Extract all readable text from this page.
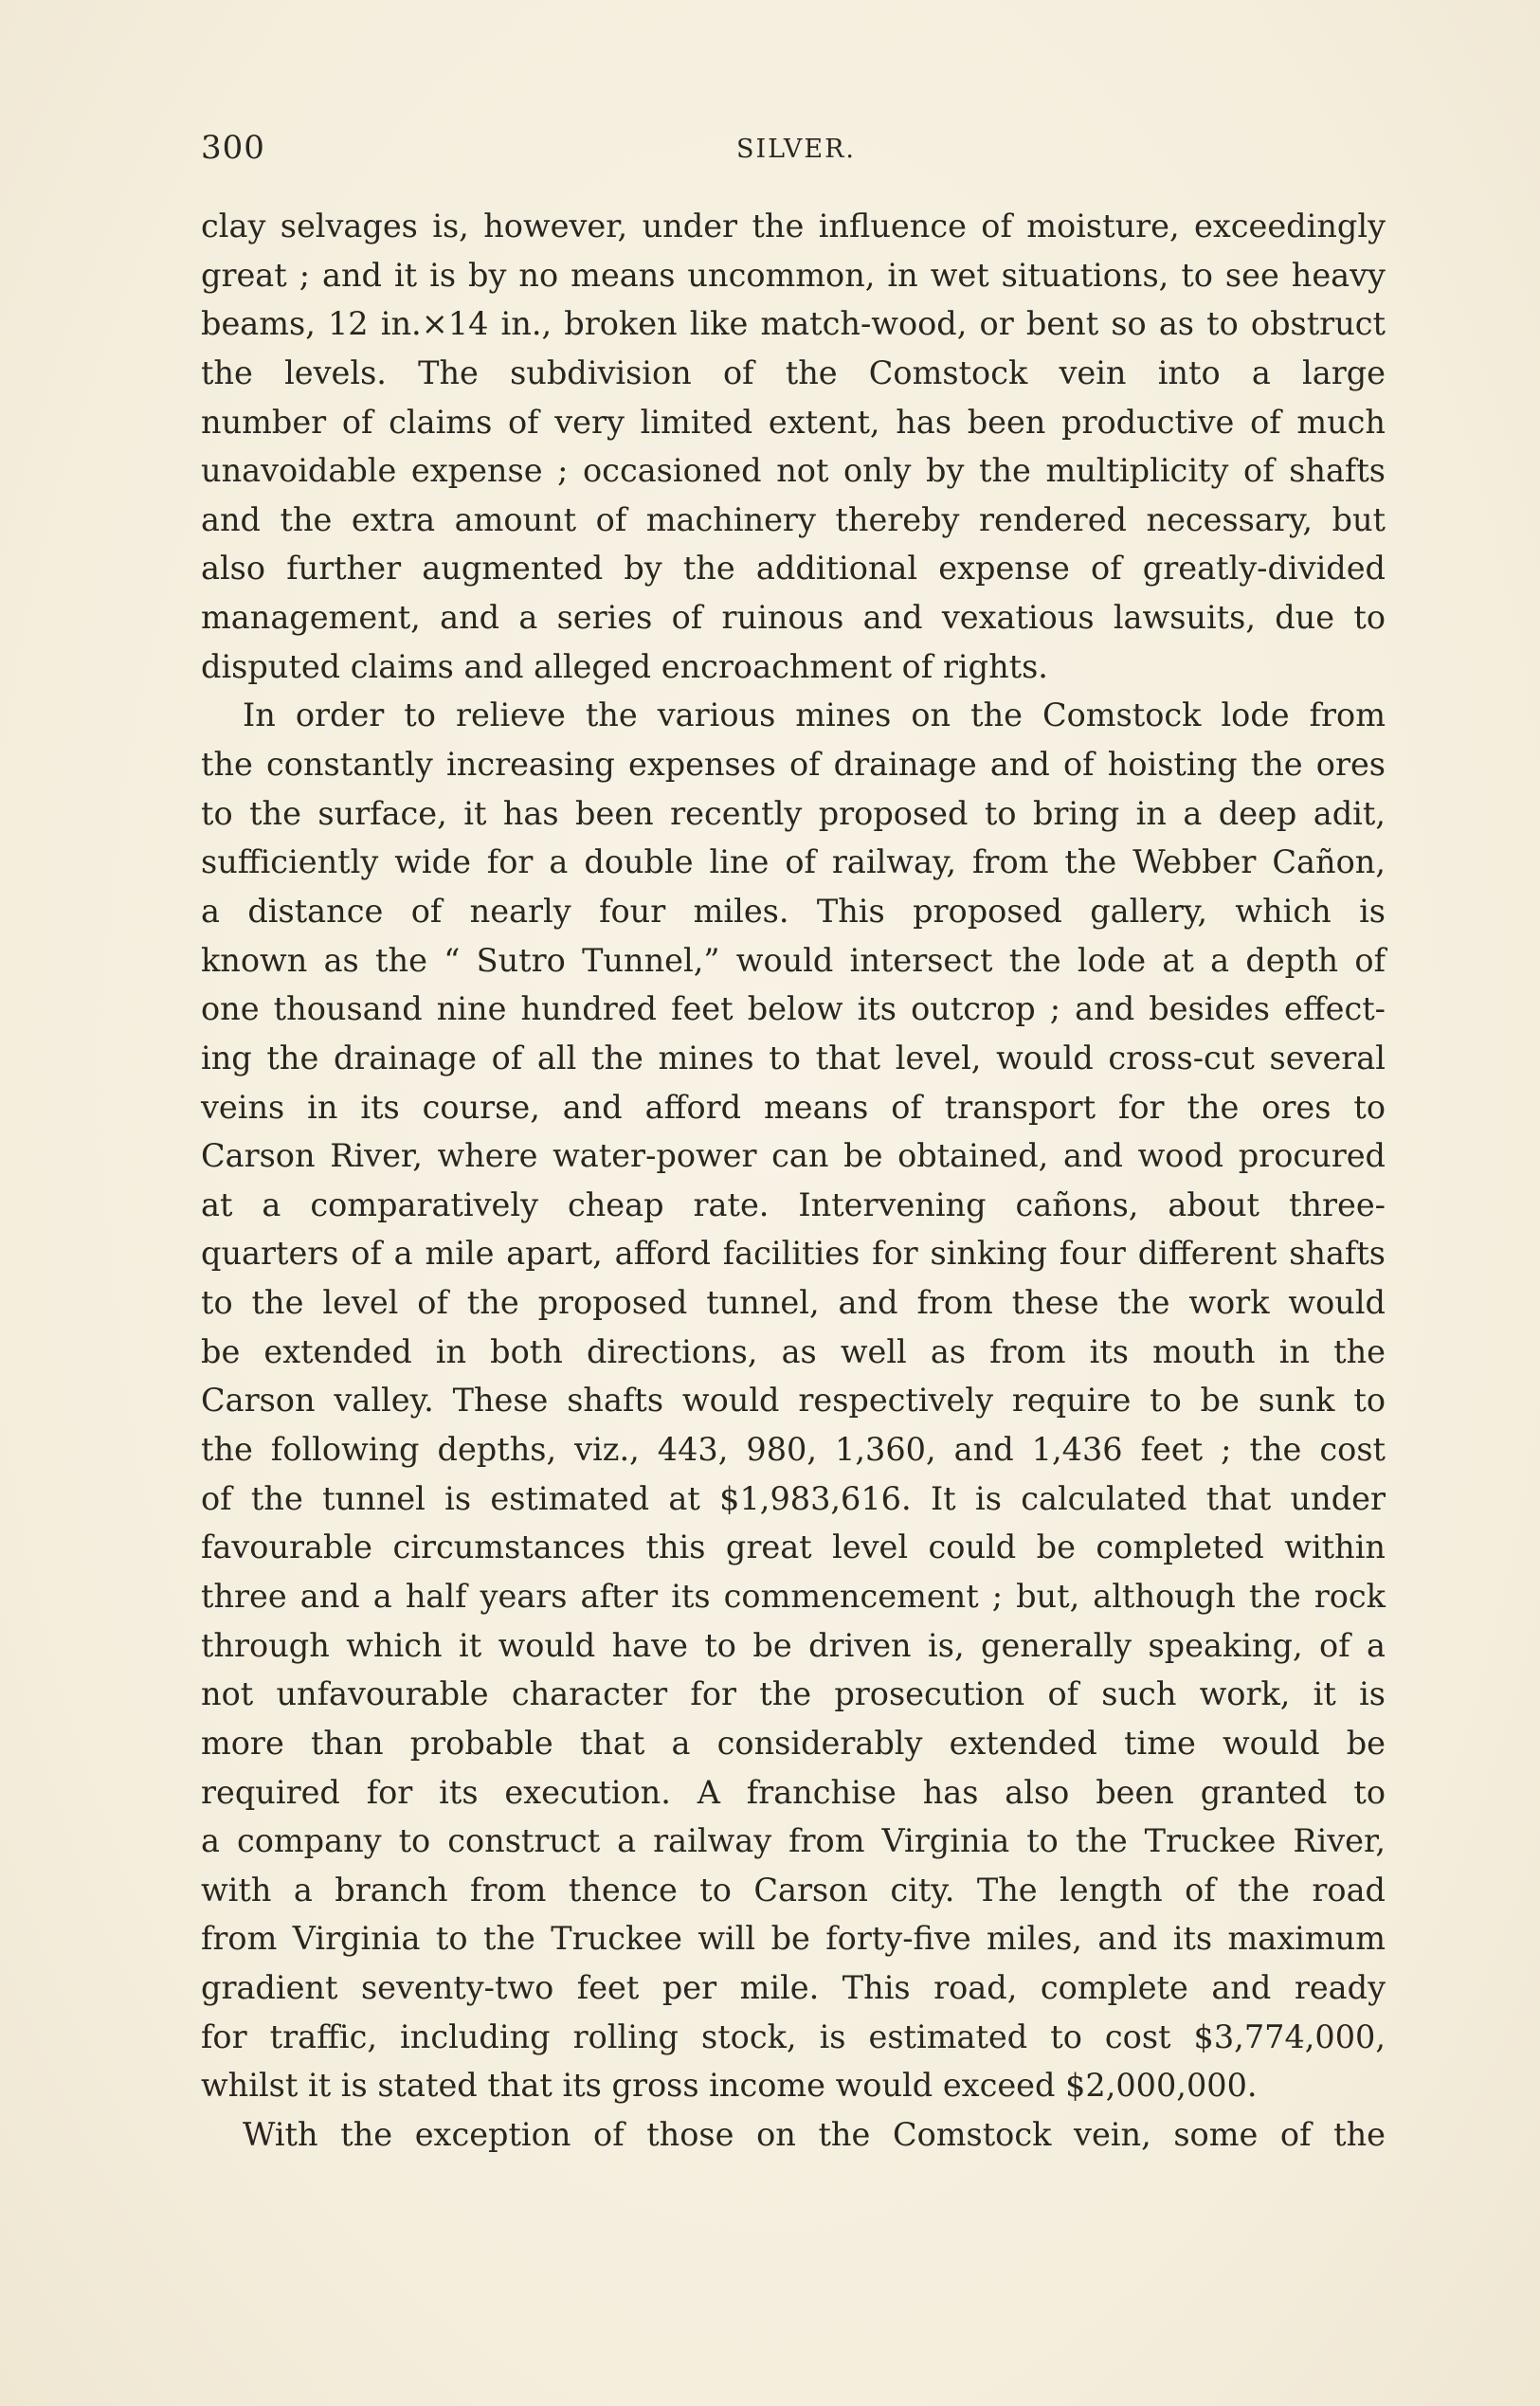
300	SILVER.
clay selvages is, however, under the influence of moisture, exceedingly
great ; and it is by no means uncommon, in wet situations, to see heavy
beams, 12 in.×14 in., broken like match-wood, or bent so as to obstruct
the levels. The subdivision of the Comstock vein into a large
number of claims of very limited extent, has been productive of much
unavoidable expense ; occasioned not only by the multiplicity of shafts
and the extra amount of machinery thereby rendered necessary, but
also further augmented by the additional expense of greatly-divided
management, and a series of ruinous and vexatious lawsuits, due to
disputed claims and alleged encroachment of rights.
In order to relieve the various mines on the Comstock lode from
the constantly increasing expenses of drainage and of hoisting the ores
to the surface, it has been recently proposed to bring in a deep adit,
sufficiently wide for a double line of railway, from the Webber Cañon,
a distance of nearly four miles. This proposed gallery, which is
known as the “ Sutro Tunnel,” would intersect the lode at a depth of
one thousand nine hundred feet below its outcrop ; and besides effect-
ing the drainage of all the mines to that level, would cross-cut several
veins in its course, and afford means of transport for the ores to
Carson River, where water-power can be obtained, and wood procured
at a comparatively cheap rate. Intervening cañons, about three-
quarters of a mile apart, afford facilities for sinking four different shafts
to the level of the proposed tunnel, and from these the work would
be extended in both directions, as well as from its mouth in the
Carson valley. These shafts would respectively require to be sunk to
the following depths, viz., 443, 980, 1,360, and 1,436 feet ; the cost
of the tunnel is estimated at $1,983,616. It is calculated that under
favourable circumstances this great level could be completed within
three and a half years after its commencement ; but, although the rock
through which it would have to be driven is, generally speaking, of a
not unfavourable character for the prosecution of such work, it is
more than probable that a considerably extended time would be
required for its execution. A franchise has also been granted to
a company to construct a railway from Virginia to the Truckee River,
with a branch from thence to Carson city. The length of the road
from Virginia to the Truckee will be forty-five miles, and its maximum
gradient seventy-two feet per mile. This road, complete and ready
for traffic, including rolling stock, is estimated to cost $3,774,000,
whilst it is stated that its gross income would exceed $2,000,000.
With the exception of those on the Comstock vein, some of the
